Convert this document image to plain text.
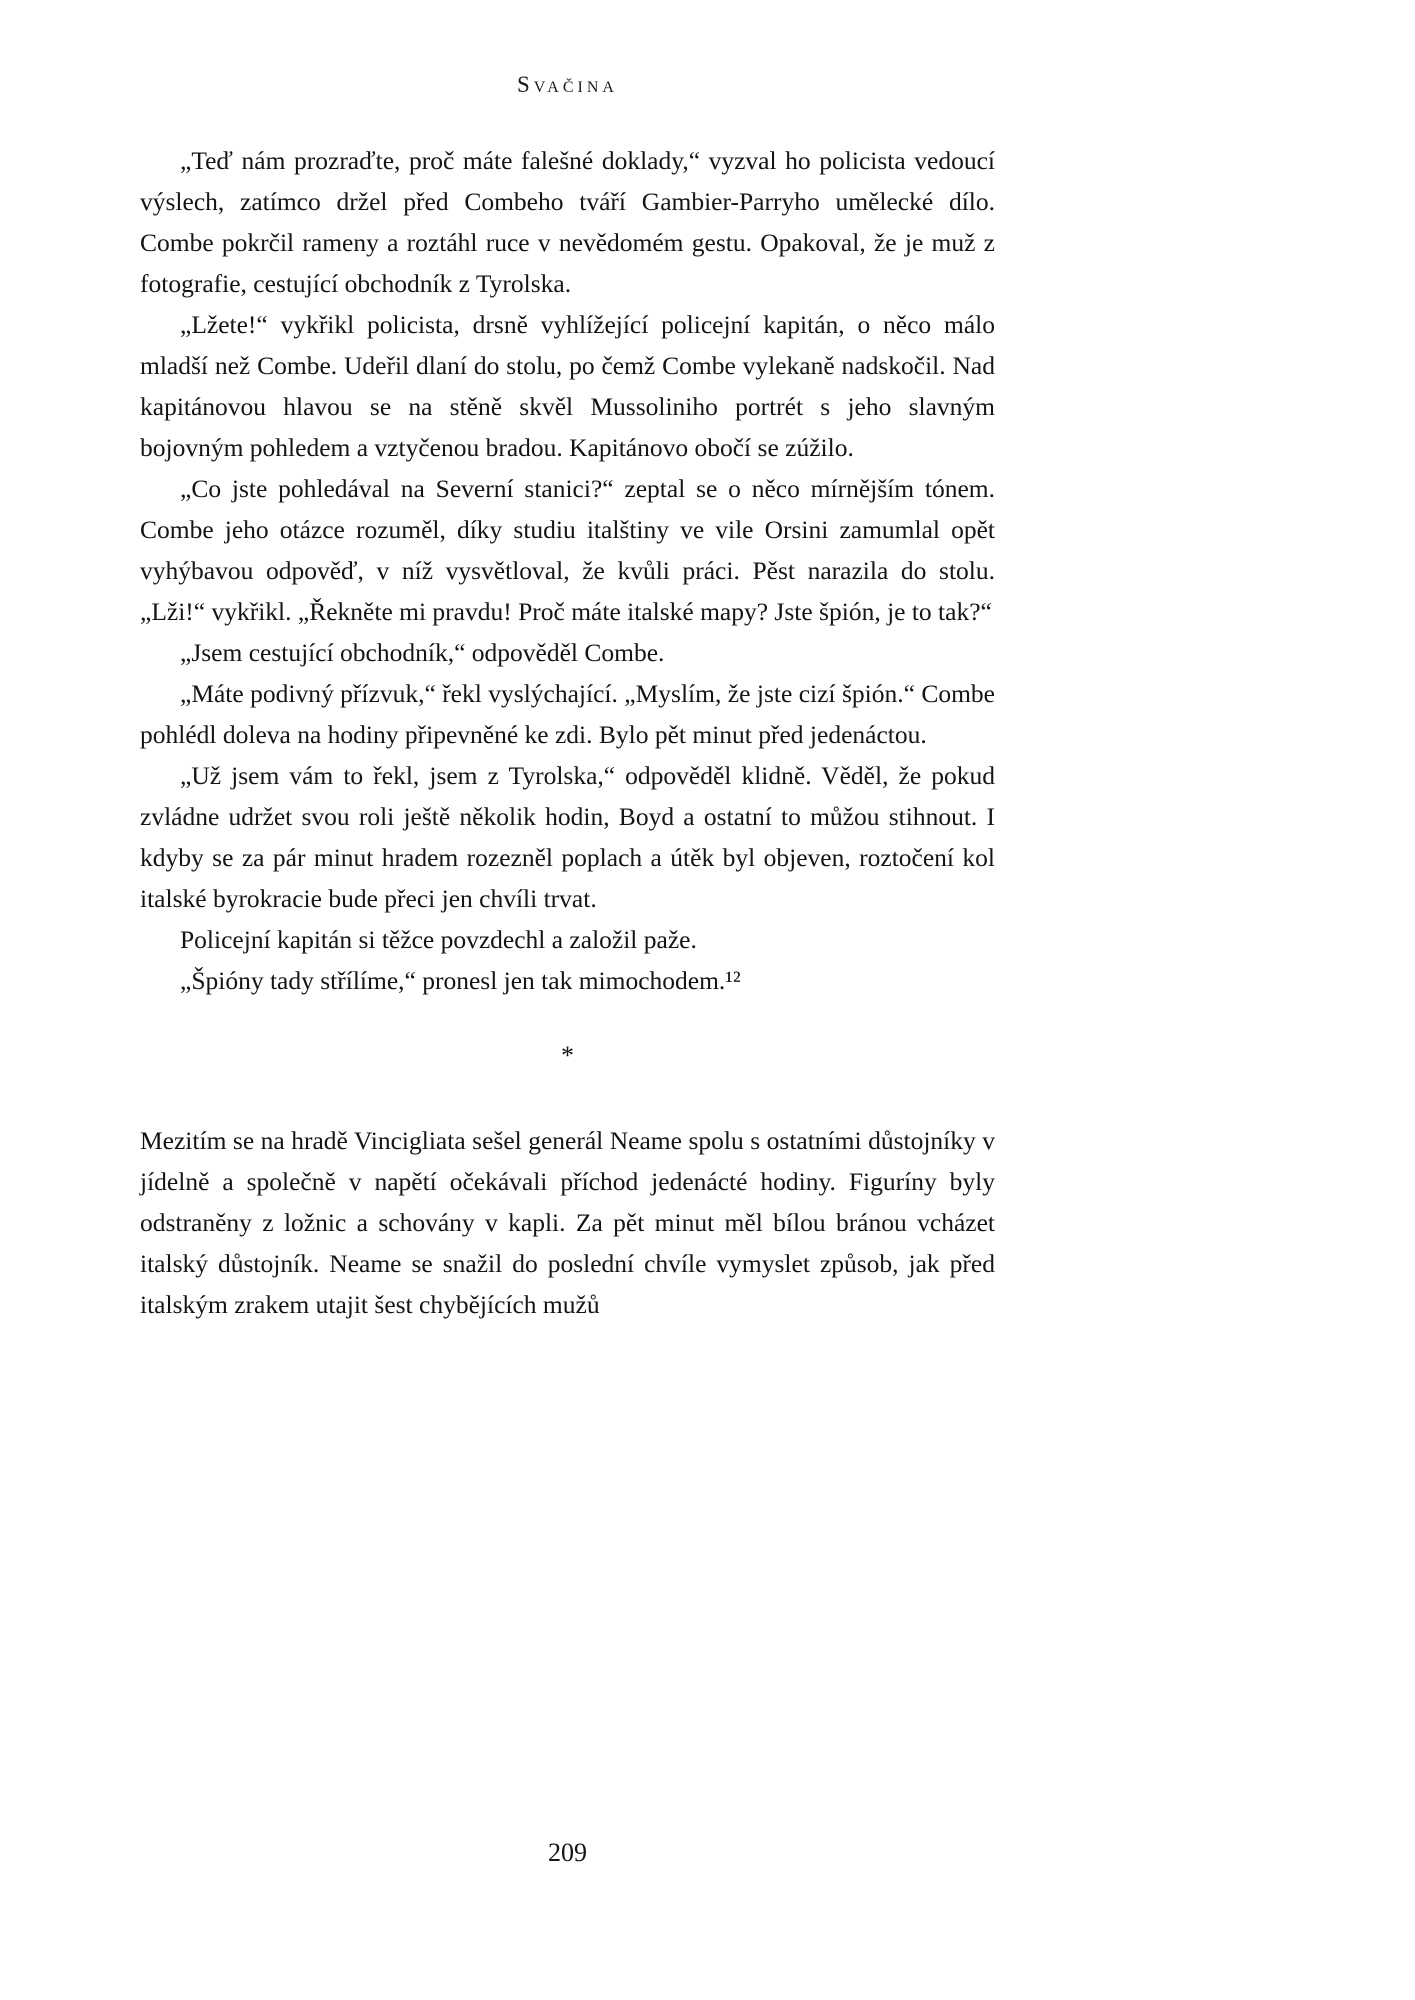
Svačina

„Teď nám prozraďte, proč máte falešné doklady,“ vyzval ho policista vedoucí výslech, zatímco držel před Combeho tváří Gambier-Parryho umělecké dílo. Combe pokrčil rameny a roztáhl ruce v nevědomém gestu. Opakoval, že je muž z fotografie, cestující obchodník z Tyrolska.

„Lžete!“ vykřikl policista, drsně vyhlížející policejní kapitán, o něco málo mladší než Combe. Udeřil dlaní do stolu, po čemž Combe vylekaně nadskočil. Nad kapitánovou hlavou se na stěně skvěl Mussoliniho portrét s jeho slavným bojovným pohledem a vztyčenou bradou. Kapitánovo obočí se zúžilo.

„Co jste pohledával na Severní stanici?“ zeptal se o něco mírnějším tónem. Combe jeho otázce rozuměl, díky studiu italštiny ve vile Orsini zamumlal opět vyhýbavou odpověď, v níž vysvětloval, že kvůli práci. Pěst narazila do stolu. „Lži!“ vykřikl. „Řekněte mi pravdu! Proč máte italské mapy? Jste špión, je to tak?“

„Jsem cestující obchodník,“ odpověděl Combe.

„Máte podivný přízvuk,“ řekl vyslýchající. „Myslím, že jste cizí špión.“ Combe pohlédl doleva na hodiny připevněné ke zdi. Bylo pět minut před jedenáctou.

„Už jsem vám to řekl, jsem z Tyrolska,“ odpověděl klidně. Věděl, že pokud zvládne udržet svou roli ještě několik hodin, Boyd a ostatní to můžou stihnout. I kdyby se za pár minut hradem rozezněl poplach a útěk byl objeven, roztočení kol italské byrokracie bude přeci jen chvíli trvat.

Policejní kapitán si těžce povzdechl a založil paže.

„Špióny tady střílíme,“ pronesl jen tak mimochodem.¹²

*

Mezitím se na hradě Vincigliata sešel generál Neame spolu s ostatními důstojníky v jídelně a společně v napětí očekávali příchod jedenácté hodiny. Figuríny byly odstraněny z ložnic a schovány v kapli. Za pět minut měl bílou bránou vcházet italský důstojník. Neame se snažil do poslední chvíle vymyslet způsob, jak před italským zrakem utajit šest chybějících mužů

209
